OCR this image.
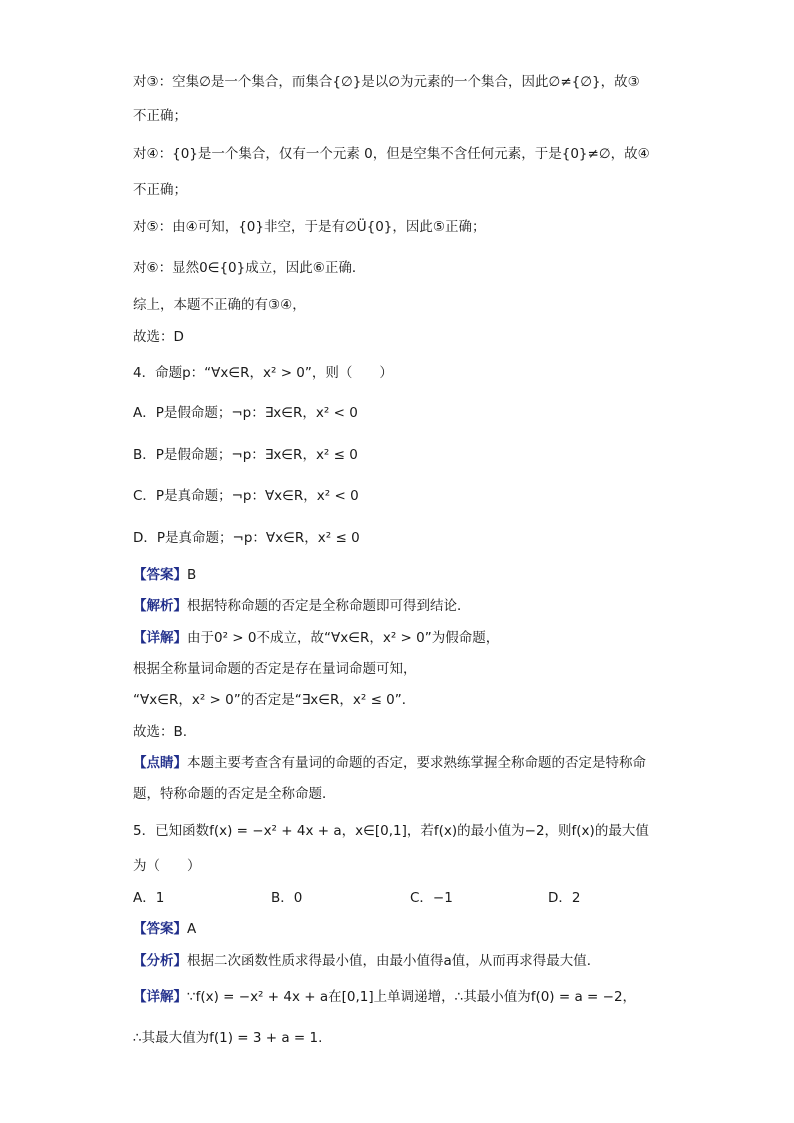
对③：空集∅是一个集合，而集合{∅}是以∅为元素的一个集合，因此∅≠{∅}，故③
不正确；
对④：{0}是一个集合，仅有一个元素 0，但是空集不含任何元素，于是{0}≠∅，故④
不正确；
对⑤：由④可知，{0}非空，于是有∅Ü{0}，因此⑤正确；
对⑥：显然0∈{0}成立，因此⑥正确．
综上，本题不正确的有③④，
故选：D
4．命题p：“∀x∈R，x² > 0”，则（　　）
A．P是假命题；¬p：∃x∈R，x² < 0
B．P是假命题；¬p：∃x∈R，x² ≤ 0
C．P是真命题；¬p：∀x∈R，x² < 0
D．P是真命题；¬p：∀x∈R，x² ≤ 0
【答案】B
【解析】根据特称命题的否定是全称命题即可得到结论．
【详解】由于0² > 0不成立，故“∀x∈R，x² > 0”为假命题，
根据全称量词命题的否定是存在量词命题可知，
“∀x∈R，x² > 0”的否定是“∃x∈R，x² ≤ 0”．
故选：B.
【点睛】本题主要考查含有量词的命题的否定，要求熟练掌握全称命题的否定是特称命
题，特称命题的否定是全称命题．
5．已知函数f(x) = −x² + 4x + a，x∈[0,1]，若f(x)的最小值为−2，则f(x)的最大值
为（　　）
A．1	B．0	C．−1	D．2
【答案】A
【分析】根据二次函数性质求得最小值，由最小值得a值，从而再求得最大值．
【详解】∵f(x) = −x² + 4x + a在[0,1]上单调递增，∴其最小值为f(0) = a = −2，
∴其最大值为f(1) = 3 + a = 1.
